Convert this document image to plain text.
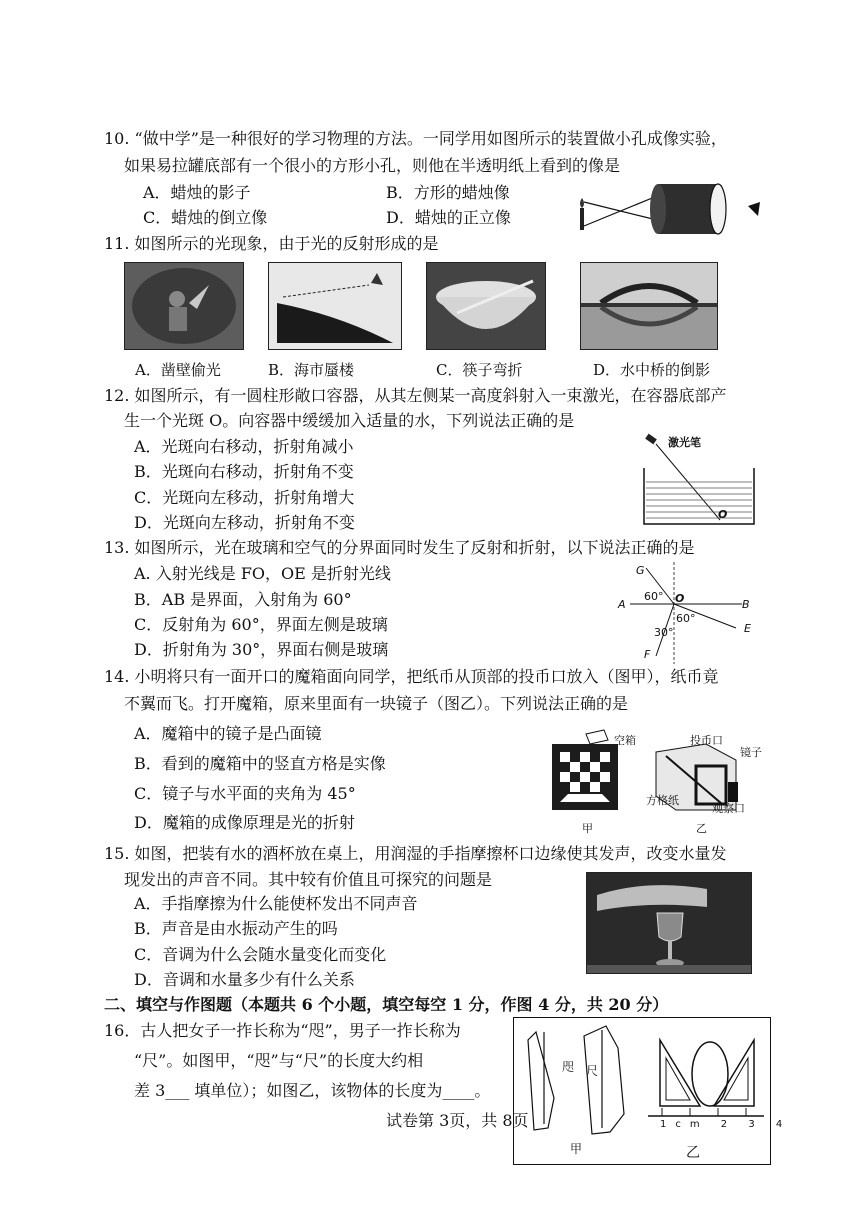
10. “做中学”是一种很好的学习物理的方法。一同学用如图所示的装置做小孔成像实验，
如果易拉罐底部有一个很小的方形小孔，则他在半透明纸上看到的像是
A．蜡烛的影子	B．方形的蜡烛像
C．蜡烛的倒立像	D．蜡烛的正立像
11. 如图所示的光现象，由于光的反射形成的是
A．凿壁偷光	B．海市蜃楼	C．筷子弯折	D．水中桥的倒影
12. 如图所示，有一圆柱形敞口容器，从其左侧某一高度斜射入一束激光，在容器底部产
生一个光斑 O。向容器中缓缓加入适量的水，下列说法正确的是
A．光斑向右移动，折射角减小
B．光斑向右移动，折射角不变
C．光斑向左移动，折射角增大
D．光斑向左移动，折射角不变
激光笔
O
13. 如图所示，光在玻璃和空气的分界面同时发生了反射和折射，以下说法正确的是
A. 入射光线是 FO，OE 是折射光线
B．AB 是界面，入射角为 60°
C．反射角为 60°，界面左侧是玻璃
D．折射角为 30°，界面右侧是玻璃
G
A	B
O
E
F
60°
60°
30°
14. 小明将只有一面开口的魔箱面向同学，把纸币从顶部的投币口放入（图甲），纸币竟
不翼而飞。打开魔箱，原来里面有一块镜子（图乙）。下列说法正确的是
A．魔箱中的镜子是凸面镜
B．看到的魔箱中的竖直方格是实像
C．镜子与水平面的夹角为 45°
D．魔箱的成像原理是光的折射
空箱	投币口
镜子
方格纸
观察口
甲	乙
15. 如图，把装有水的酒杯放在桌上，用润湿的手指摩擦杯口边缘使其发声，改变水量发
现发出的声音不同。其中较有价值且可探究的问题是
A．手指摩擦为什么能使杯发出不同声音
B．声音是由水振动产生的吗
C．音调为什么会随水量变化而变化
D．音调和水量多少有什么关系
二、填空与作图题（本题共 6 个小题，填空每空 1 分，作图 4 分，共 20 分）
16．古人把女子一拃长称为“咫”，男子一拃长称为
“尺”。如图甲，“咫”与“尺”的长度大约相
差 3___ 填单位）；如图乙，该物体的长度为____。
试卷第 3页，共 8页
咫 尺
甲	乙
1cm 2 3 4
